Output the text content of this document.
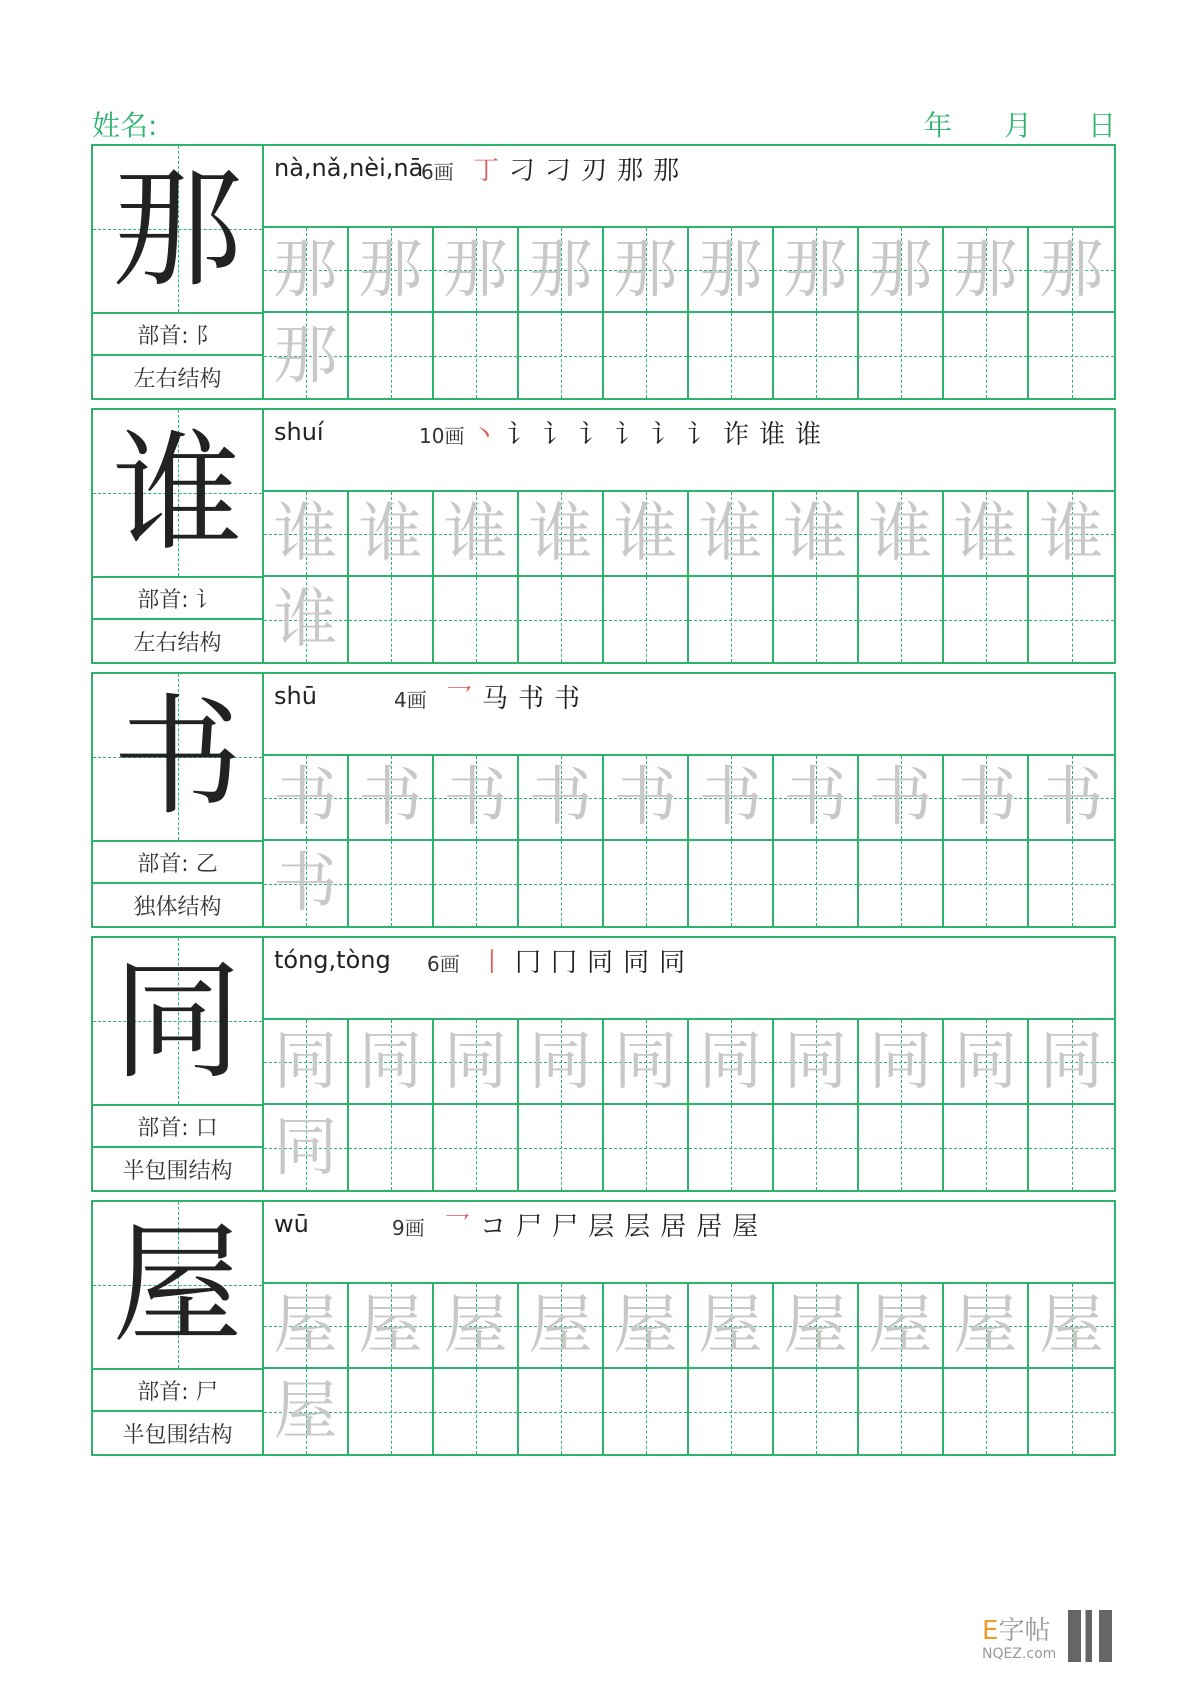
姓名:	年 月 日
那
部首: 阝
左右结构
nà,nǎ,nèi,nā
6画 丁刁刁刃那那
那 那 那 那 那 那 那 那 那 那
那
谁
部首: 讠
左右结构
shuí	10画 丶讠讠讠讠讠讠诈谁谁
谁 谁 谁 谁 谁 谁 谁 谁 谁 谁
谁
书
部首: 乙
独体结构
shū	4画 乛马书书
书 书 书 书 书 书 书 书 书 书
书
同
部首: 口
半包围结构
tóng,tòng 6画 丨冂冂同同同
同 同 同 同 同 同 同 同 同 同
同
屋
部首: 尸
半包围结构
wū	9画 乛コ尸尸层层居居屋
屋 屋 屋 屋 屋 屋 屋 屋 屋 屋
屋
E字帖
NQEZ.com
